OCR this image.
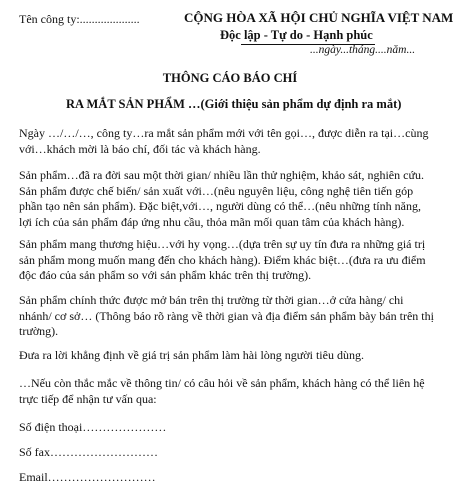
Tên công ty:....................	CỘNG HÒA XÃ HỘI CHỦ NGHĨA VIỆT NAM
Độc lập - Tự do - Hạnh phúc
...ngày...tháng....năm...
THÔNG CÁO BÁO CHÍ
RA MẮT SẢN PHẨM …(Giới thiệu sản phẩm dự định ra mắt)
Ngày …/…/…, công ty…ra mắt sản phẩm mới với tên gọi…, được diễn ra tại…cùng
với…khách mời là báo chí, đối tác và khách hàng.
Sản phẩm…đã ra đời sau một thời gian/ nhiều lần thử nghiệm, khảo sát, nghiên cứu.
Sản phẩm được chế biến/ sản xuất với…(nêu nguyên liệu, công nghệ tiên tiến góp
phần tạo nên sản phẩm). Đặc biệt,với…, người dùng có thể…(nêu những tính năng,
lợi ích của sản phẩm đáp ứng nhu cầu, thỏa mãn mối quan tâm của khách hàng).
Sản phẩm mang thương hiệu…với hy vọng…(dựa trên sự uy tín đưa ra những giá trị
sản phẩm mong muốn mang đến cho khách hàng). Điểm khác biệt…(đưa ra ưu điểm
độc đáo của sản phẩm so với sản phẩm khác trên thị trường).
Sản phẩm chính thức được mở bán trên thị trường từ thời gian…ở cửa hàng/ chi
nhánh/ cơ sở… (Thông báo rõ ràng về thời gian và địa điểm sản phẩm bày bán trên thị
trường).
Đưa ra lời khẳng định về giá trị sản phẩm làm hài lòng người tiêu dùng.
…Nếu còn thắc mắc về thông tin/ có câu hỏi về sản phẩm, khách hàng có thể liên hệ
trực tiếp để nhận tư vấn qua:
Số điện thoại…………………
Số fax………………………
Email………………………
